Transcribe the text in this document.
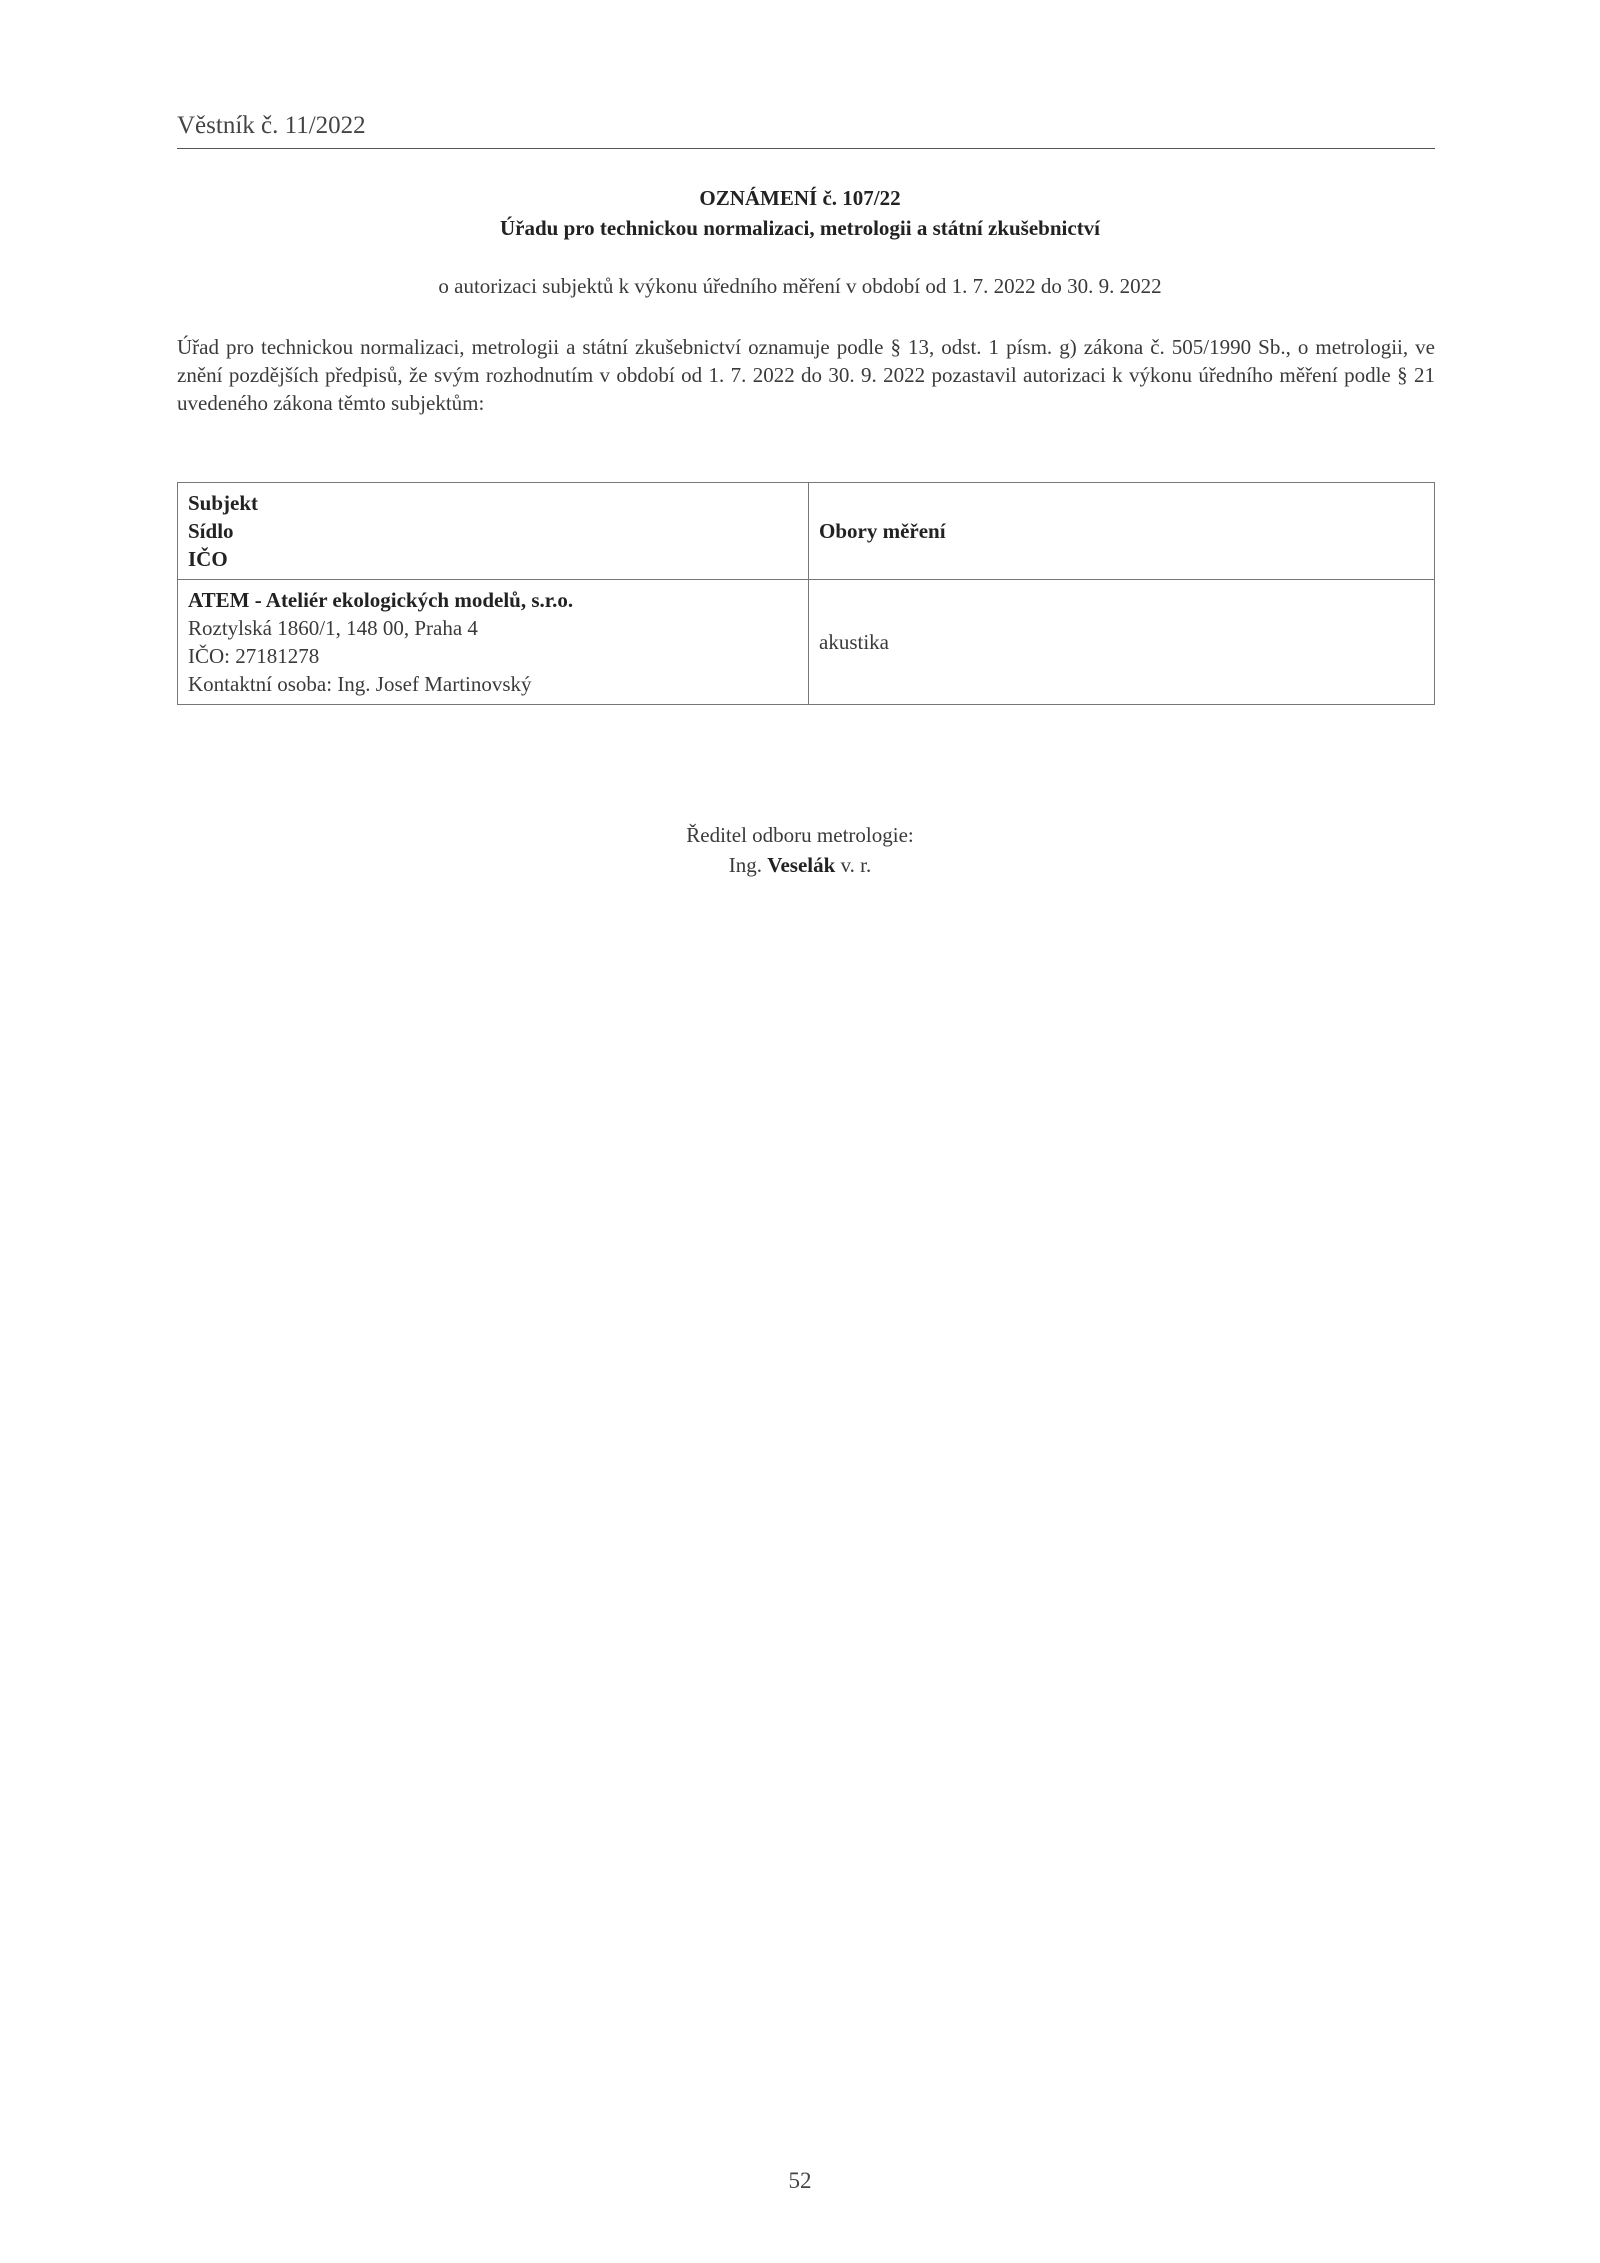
Věstník č. 11/2022
OZNÁMENÍ č. 107/22
Úřadu pro technickou normalizaci, metrologii a státní zkušebnictví
o autorizaci subjektů k výkonu úředního měření v období od 1. 7. 2022 do 30. 9. 2022

Úřad pro technickou normalizaci, metrologii a státní zkušebnictví oznamuje podle § 13, odst. 1 písm. g) zákona č. 505/1990 Sb., o metrologii, ve znění pozdějších předpisů, že svým rozhodnutím v období od 1. 7. 2022 do 30. 9. 2022 pozastavil autorizaci k výkonu úředního měření podle § 21 uvedeného zákona těmto subjektům:

Subjekt
Sídlo
IČO	Obory měření

ATEM - Ateliér ekologických modelů, s.r.o.
Roztylská 1860/1, 148 00, Praha 4
IČO: 27181278
Kontaktní osoba: Ing. Josef Martinovský	akustika
Ředitel odboru metrologie:
Ing. Veselák v. r.
52
